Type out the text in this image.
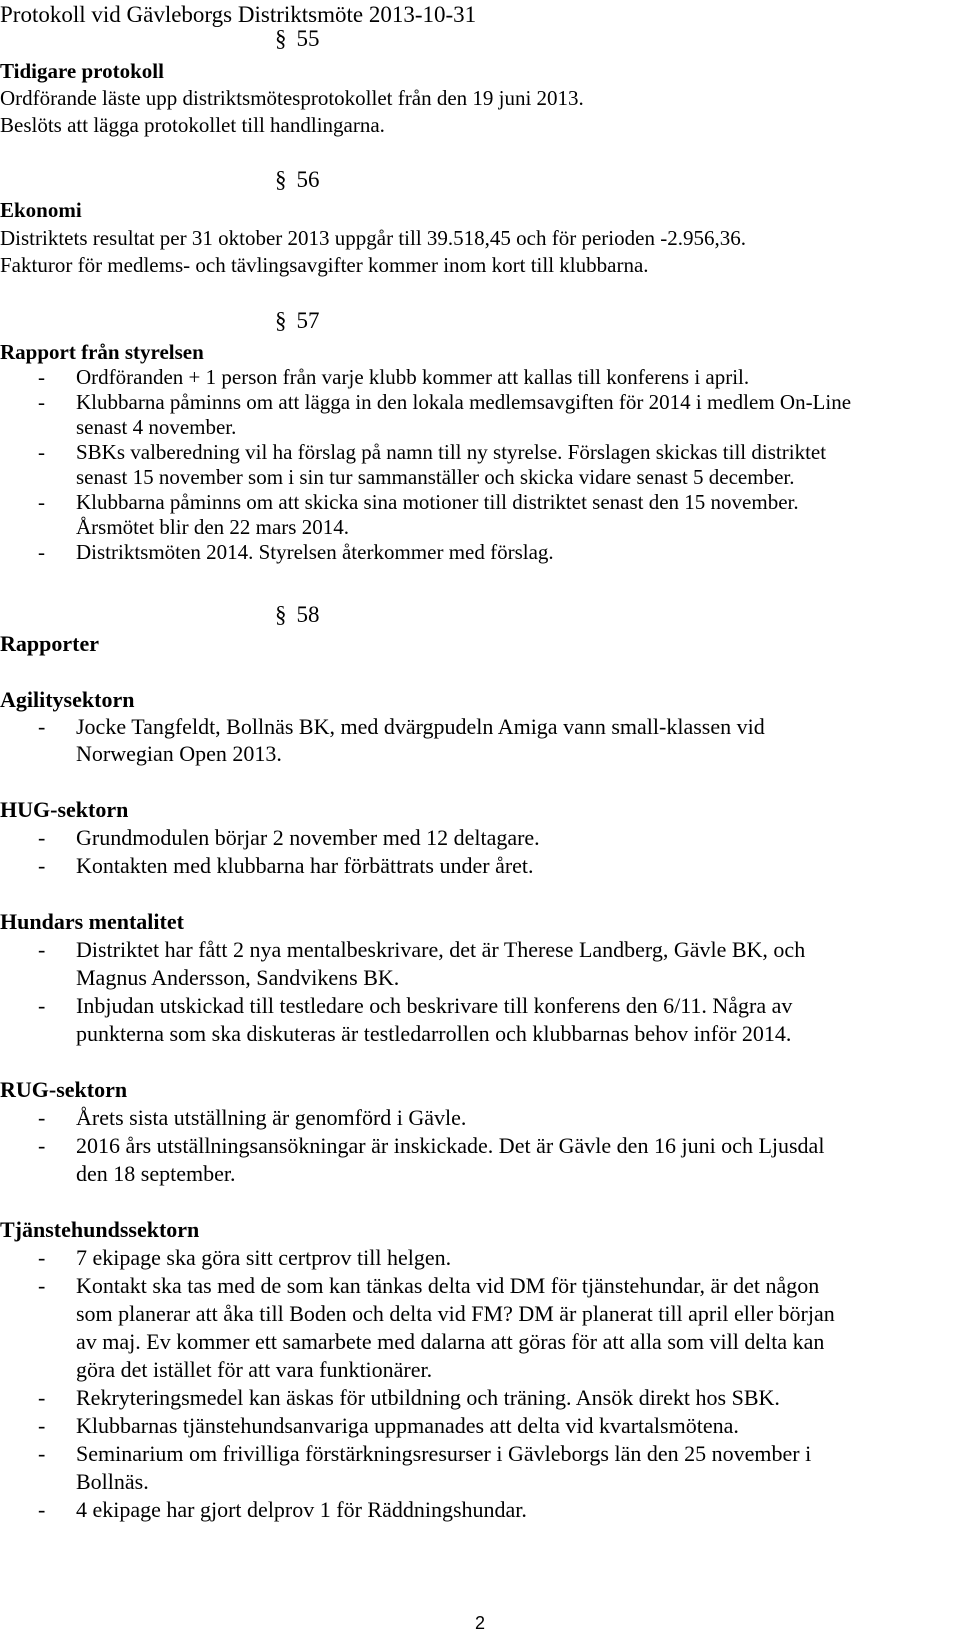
Protokoll vid Gävleborgs Distriktsmöte 2013-10-31
§ 55
Tidigare protokoll
Ordförande läste upp distriktsmötesprotokollet från den 19 juni 2013.
Beslöts att lägga protokollet till handlingarna.
§ 56
Ekonomi
Distriktets resultat per 31 oktober 2013 uppgår till 39.518,45 och för perioden -2.956,36.
Fakturor för medlems- och tävlingsavgifter kommer inom kort till klubbarna.
§ 57
Rapport från styrelsen
- Ordföranden + 1 person från varje klubb kommer att kallas till konferens i april.
- Klubbarna påminns om att lägga in den lokala medlemsavgiften för 2014 i medlem On-Line
senast 4 november.
- SBKs valberedning vil ha förslag på namn till ny styrelse. Förslagen skickas till distriktet
senast 15 november som i sin tur sammanställer och skicka vidare senast 5 december.
- Klubbarna påminns om att skicka sina motioner till distriktet senast den 15 november.
Årsmötet blir den 22 mars 2014.
- Distriktsmöten 2014. Styrelsen återkommer med förslag.
§ 58
Rapporter
Agilitysektorn
- Jocke Tangfeldt, Bollnäs BK, med dvärgpudeln Amiga vann small-klassen vid
Norwegian Open 2013.
HUG-sektorn
- Grundmodulen börjar 2 november med 12 deltagare.
- Kontakten med klubbarna har förbättrats under året.
Hundars mentalitet
- Distriktet har fått 2 nya mentalbeskrivare, det är Therese Landberg, Gävle BK, och
Magnus Andersson, Sandvikens BK.
- Inbjudan utskickad till testledare och beskrivare till konferens den 6/11. Några av
punkterna som ska diskuteras är testledarrollen och klubbarnas behov inför 2014.
RUG-sektorn
- Årets sista utställning är genomförd i Gävle.
- 2016 års utställningsansökningar är inskickade. Det är Gävle den 16 juni och Ljusdal
den 18 september.
Tjänstehundssektorn
- 7 ekipage ska göra sitt certprov till helgen.
- Kontakt ska tas med de som kan tänkas delta vid DM för tjänstehundar, är det någon
som planerar att åka till Boden och delta vid FM? DM är planerat till april eller början
av maj. Ev kommer ett samarbete med dalarna att göras för att alla som vill delta kan
göra det istället för att vara funktionärer.
- Rekryteringsmedel kan äskas för utbildning och träning. Ansök direkt hos SBK.
- Klubbarnas tjänstehundsanvariga uppmanades att delta vid kvartalsmötena.
- Seminarium om frivilliga förstärkningsresurser i Gävleborgs län den 25 november i
Bollnäs.
- 4 ekipage har gjort delprov 1 för Räddningshundar.
2
